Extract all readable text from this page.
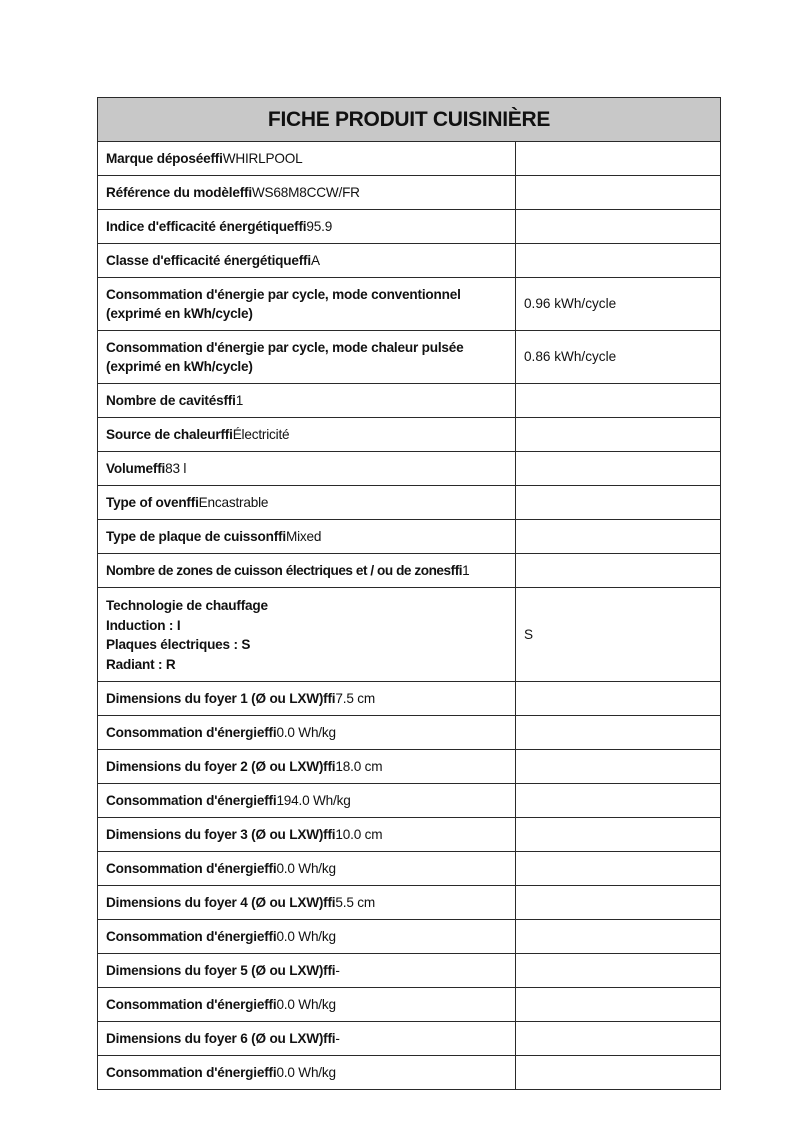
FICHE PRODUIT CUISINIÈRE	
Marque déposéeffiWHIRLPOOL	
Référence du modèleffiWS68M8CCW/FR	
Indice d'efficacité énergétiqueffi95.9	
Classe d'efficacité énergétiqueffiA	
Consommation d'énergie par cycle, mode conventionnel
(exprimé en kWh/cycle)	0.96 kWh/cycle
Consommation d'énergie par cycle, mode chaleur pulsée
(exprimé en kWh/cycle)	0.86 kWh/cycle
Nombre de cavitésffi1	
Source de chaleurffiÉlectricité	
Volumeffi83 l	
Type of ovenffiEncastrable	
Type de plaque de cuissonffiMixed	
Nombre de zones de cuisson électriques et / ou de zonesffi1	
Technologie de chauffage
Induction : I
Plaques électriques : S
Radiant : R	S
Dimensions du foyer 1 (Ø ou LXW)ffi7.5 cm	
Consommation d'énergieffi0.0 Wh/kg	
Dimensions du foyer 2 (Ø ou LXW)ffi18.0 cm	
Consommation d'énergieffi194.0 Wh/kg	
Dimensions du foyer 3 (Ø ou LXW)ffi10.0 cm	
Consommation d'énergieffi0.0 Wh/kg	
Dimensions du foyer 4 (Ø ou LXW)ffi5.5 cm	
Consommation d'énergieffi0.0 Wh/kg	
Dimensions du foyer 5 (Ø ou LXW)ffi-	
Consommation d'énergieffi0.0 Wh/kg	
Dimensions du foyer 6 (Ø ou LXW)ffi-	
Consommation d'énergieffi0.0 Wh/kg	
